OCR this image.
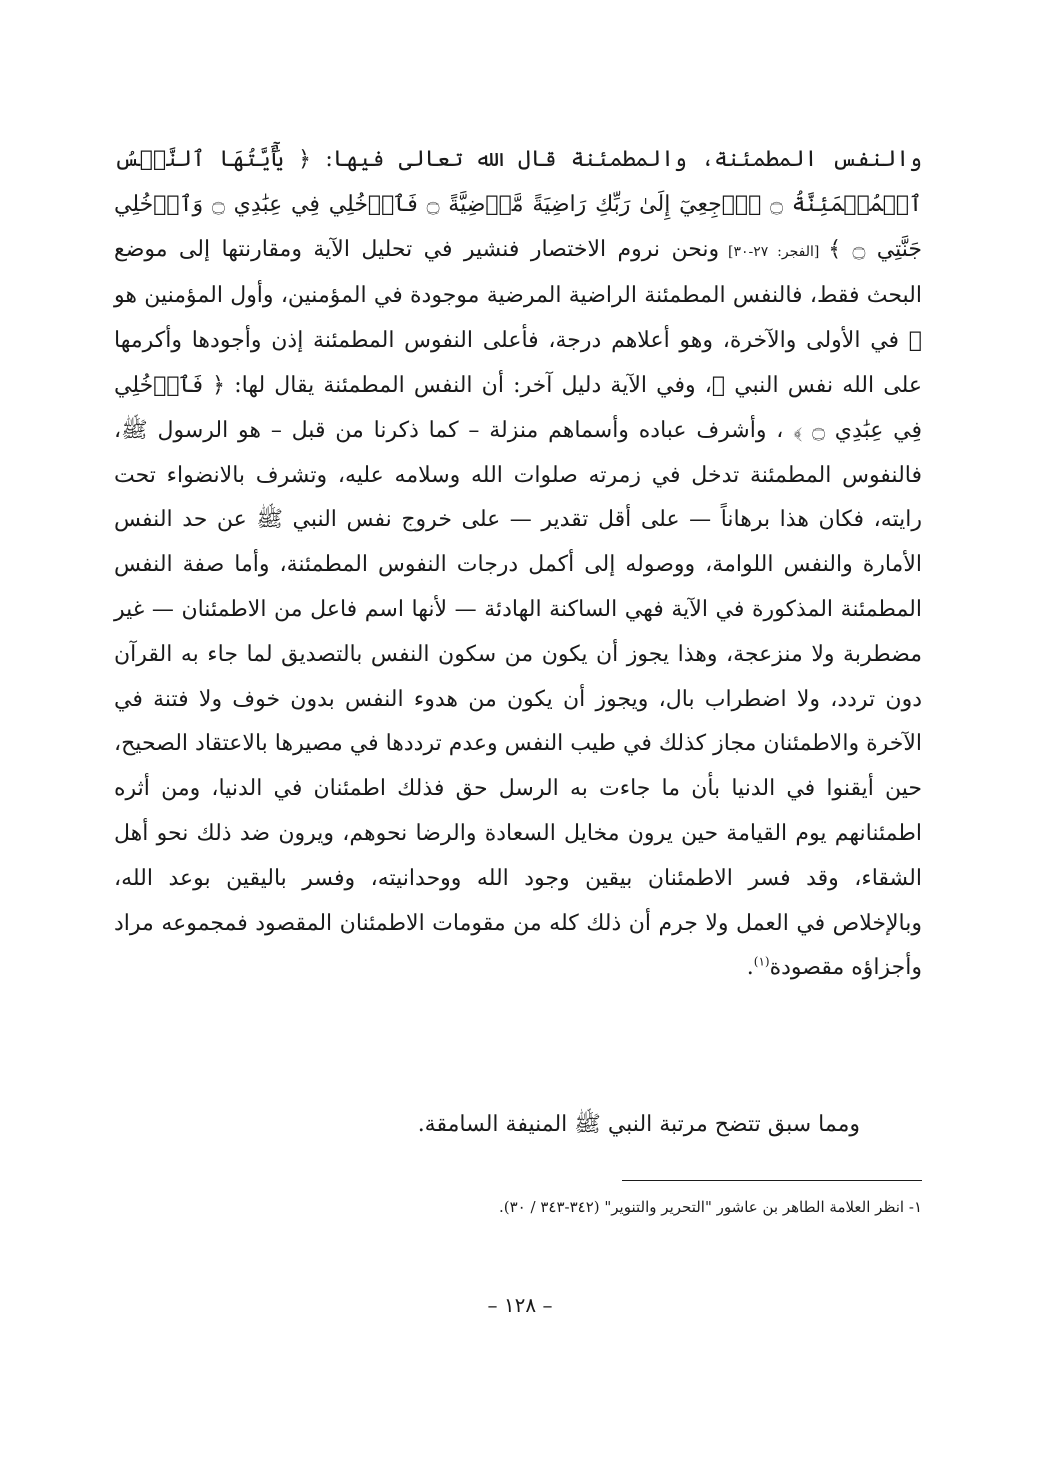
والنفس المطمئنة، والمطمئنة قال الله تعالى فيها: ﴿ يَٰٓأَيَّتُهَا ٱلنَّفۡسُ ٱلۡمُطۡمَئِنَّةُ ۝ ٱرۡجِعِيٓ إِلَىٰ رَبِّكِ رَاضِيَةً مَّرۡضِيَّةً ۝ فَٱدۡخُلِي فِي عِبَٰدِي ۝ وَٱدۡخُلِي جَنَّتِي ۝ ﴾ [الفجر: ٢٧-٣٠] ونحن نروم الاختصار فنشير في تحليل الآية ومقارنتها إلى موضع البحث فقط، فالنفس المطمئنة الراضية المرضية موجودة في المؤمنين، وأول المؤمنين هو ﷺ في الأولى والآخرة، وهو أعلاهم درجة، فأعلى النفوس المطمئنة إذن وأجودها وأكرمها على الله نفس النبي ﷺ، وفي الآية دليل آخر: أن النفس المطمئنة يقال لها: ﴿ فَٱدۡخُلِي فِي عِبَٰدِي ۝ ﴾ ، وأشرف عباده وأسماهم منزلة – كما ذكرنا من قبل – هو الرسول ﷺ، فالنفوس المطمئنة تدخل في زمرته صلوات الله وسلامه عليه، وتشرف بالانضواء تحت رايته، فكان هذا برهاناً — على أقل تقدير — على خروج نفس النبي ﷺ عن حد النفس الأمارة والنفس اللوامة، ووصوله إلى أكمل درجات النفوس المطمئنة، وأما صفة النفس المطمئنة المذكورة في الآية فهي الساكنة الهادئة — لأنها اسم فاعل من الاطمئنان — غير مضطربة ولا منزعجة، وهذا يجوز أن يكون من سكون النفس بالتصديق لما جاء به القرآن دون تردد، ولا اضطراب بال، ويجوز أن يكون من هدوء النفس بدون خوف ولا فتنة في الآخرة والاطمئنان مجاز كذلك في طيب النفس وعدم ترددها في مصيرها بالاعتقاد الصحيح، حين أيقنوا في الدنيا بأن ما جاءت به الرسل حق فذلك اطمئنان في الدنيا، ومن أثره اطمئنانهم يوم القيامة حين يرون مخايل السعادة والرضا نحوهم، ويرون ضد ذلك نحو أهل الشقاء، وقد فسر الاطمئنان بيقين وجود الله ووحدانيته، وفسر باليقين بوعد الله، وبالإخلاص في العمل ولا جرم أن ذلك كله من مقومات الاطمئنان المقصود فمجموعه مراد وأجزاؤه مقصودة$^{(١)}$.

ومما سبق تتضح مرتبة النبي ﷺ المنيفة السامقة.

١- انظر العلامة الطاهر بن عاشور "التحرير والتنوير" (٣٤٢-٣٤٣ / ٣٠).

– ١٢٨ –
